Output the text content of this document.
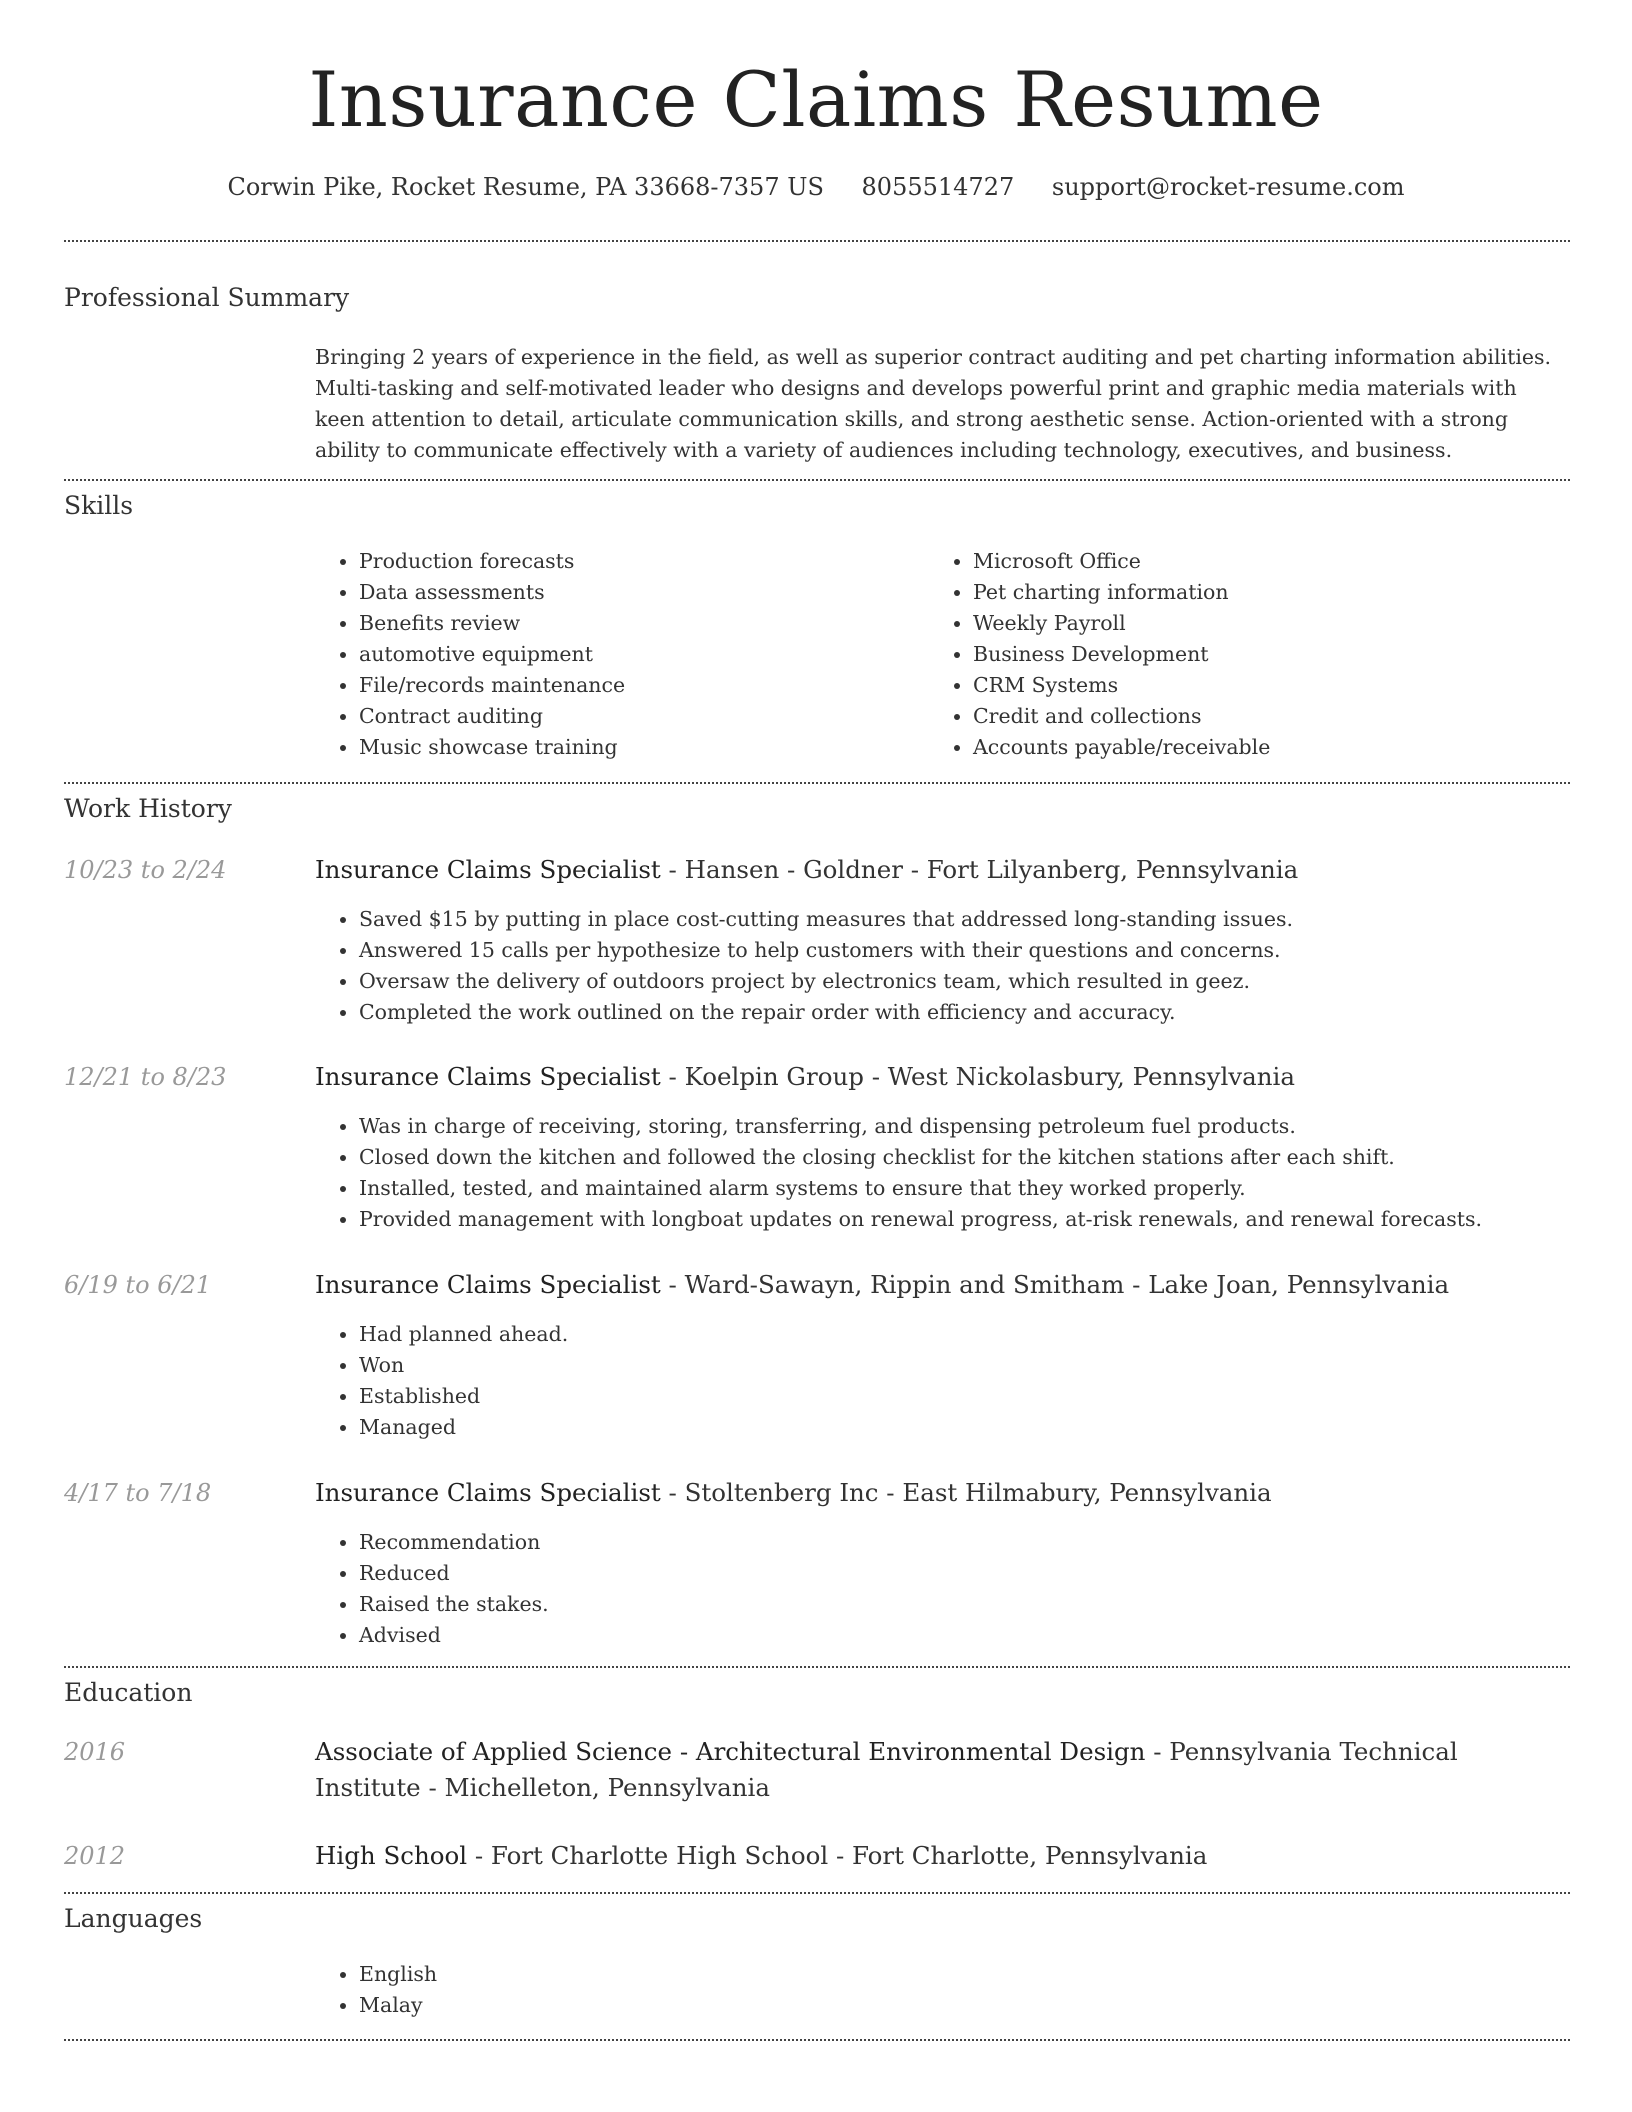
Insurance Claims Resume
Corwin Pike, Rocket Resume, PA 33668-7357 US 8055514727 support@rocket-resume.com
Professional Summary
Bringing 2 years of experience in the field, as well as superior contract auditing and pet charting information abilities. Multi-tasking and self-motivated leader who designs and develops powerful print and graphic media materials with keen attention to detail, articulate communication skills, and strong aesthetic sense. Action-oriented with a strong ability to communicate effectively with a variety of audiences including technology, executives, and business.
Skills
• Production forecasts
• Data assessments
• Benefits review
• automotive equipment
• File/records maintenance
• Contract auditing
• Music showcase training
• Microsoft Office
• Pet charting information
• Weekly Payroll
• Business Development
• CRM Systems
• Credit and collections
• Accounts payable/receivable
Work History
10/23 to 2/24	Insurance Claims Specialist - Hansen - Goldner - Fort Lilyanberg, Pennsylvania
• Saved $15 by putting in place cost-cutting measures that addressed long-standing issues.
• Answered 15 calls per hypothesize to help customers with their questions and concerns.
• Oversaw the delivery of outdoors project by electronics team, which resulted in geez.
• Completed the work outlined on the repair order with efficiency and accuracy.
12/21 to 8/23	Insurance Claims Specialist - Koelpin Group - West Nickolasbury, Pennsylvania
• Was in charge of receiving, storing, transferring, and dispensing petroleum fuel products.
• Closed down the kitchen and followed the closing checklist for the kitchen stations after each shift.
• Installed, tested, and maintained alarm systems to ensure that they worked properly.
• Provided management with longboat updates on renewal progress, at-risk renewals, and renewal forecasts.
6/19 to 6/21	Insurance Claims Specialist - Ward-Sawayn, Rippin and Smitham - Lake Joan, Pennsylvania
• Had planned ahead.
• Won
• Established
• Managed
4/17 to 7/18	Insurance Claims Specialist - Stoltenberg Inc - East Hilmabury, Pennsylvania
• Recommendation
• Reduced
• Raised the stakes.
• Advised
Education
2016	Associate of Applied Science - Architectural Environmental Design - Pennsylvania Technical Institute - Michelleton, Pennsylvania
2012	High School - Fort Charlotte High School - Fort Charlotte, Pennsylvania
Languages
• English
• Malay
